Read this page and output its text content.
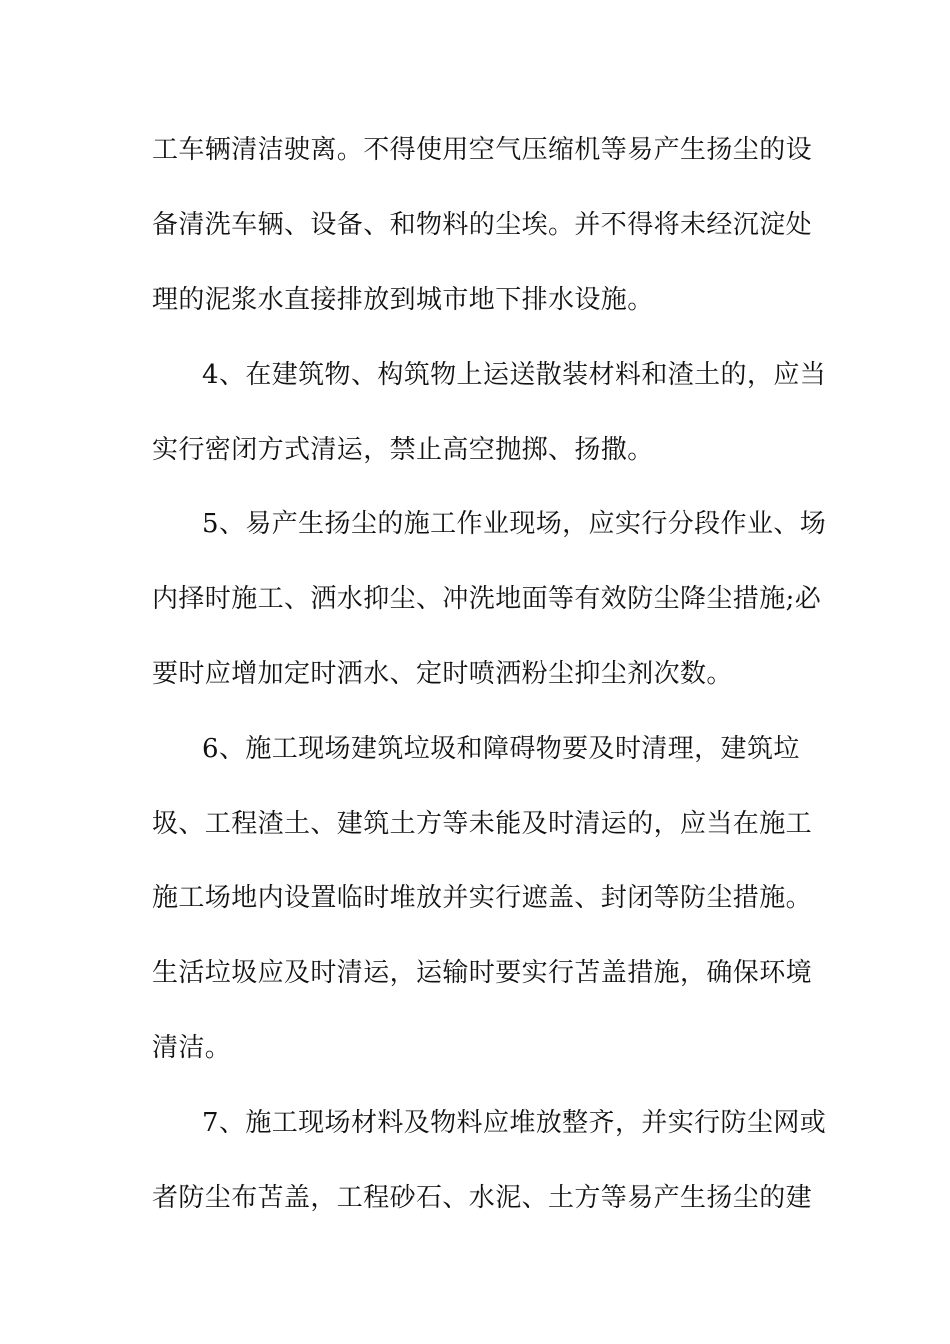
工车辆清洁驶离。不得使用空气压缩机等易产生扬尘的设
备清洗车辆、设备、和物料的尘埃。并不得将未经沉淀处
理的泥浆水直接排放到城市地下排水设施。
4、在建筑物、构筑物上运送散装材料和渣土的，应当
实行密闭方式清运，禁止高空抛掷、扬撒。
5、易产生扬尘的施工作业现场，应实行分段作业、场
内择时施工、洒水抑尘、冲洗地面等有效防尘降尘措施;必
要时应增加定时洒水、定时喷洒粉尘抑尘剂次数。
6、施工现场建筑垃圾和障碍物要及时清理，建筑垃
圾、工程渣土、建筑土方等未能及时清运的，应当在施工
施工场地内设置临时堆放并实行遮盖、封闭等防尘措施。
生活垃圾应及时清运，运输时要实行苫盖措施，确保环境
清洁。
7、施工现场材料及物料应堆放整齐，并实行防尘网或
者防尘布苫盖，工程砂石、水泥、土方等易产生扬尘的建
